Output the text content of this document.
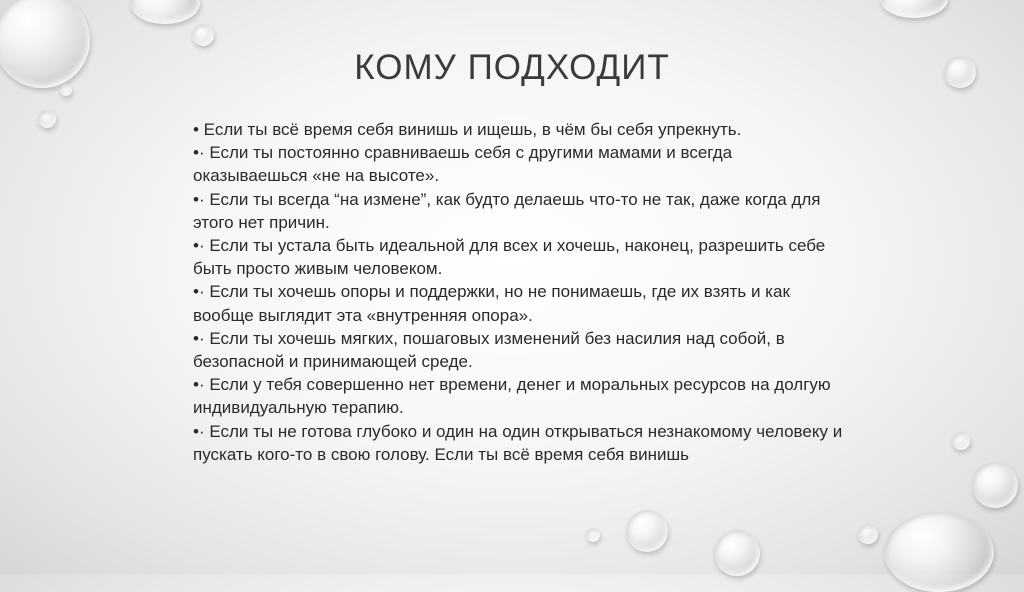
КОМУ ПОДХОДИТ
• Если ты всё время себя винишь и ищешь, в чём бы себя упрекнуть.
•· Если ты постоянно сравниваешь себя с другими мамами и всегда оказываешься «не на высоте».
•· Если ты всегда “на измене”, как будто делаешь что-то не так, даже когда для этого нет причин.
•· Если ты устала быть идеальной для всех и хочешь, наконец, разрешить себе быть просто живым человеком.
•· Если ты хочешь опоры и поддержки, но не понимаешь, где их взять и как вообще выглядит эта «внутренняя опора».
•· Если ты хочешь мягких, пошаговых изменений без насилия над собой, в безопасной и принимающей среде.
•· Если у тебя совершенно нет времени, денег и моральных ресурсов на долгую индивидуальную терапию.
•· Если ты не готова глубоко и один на один открываться незнакомому человеку и пускать кого-то в свою голову. Если ты всё время себя винишь
